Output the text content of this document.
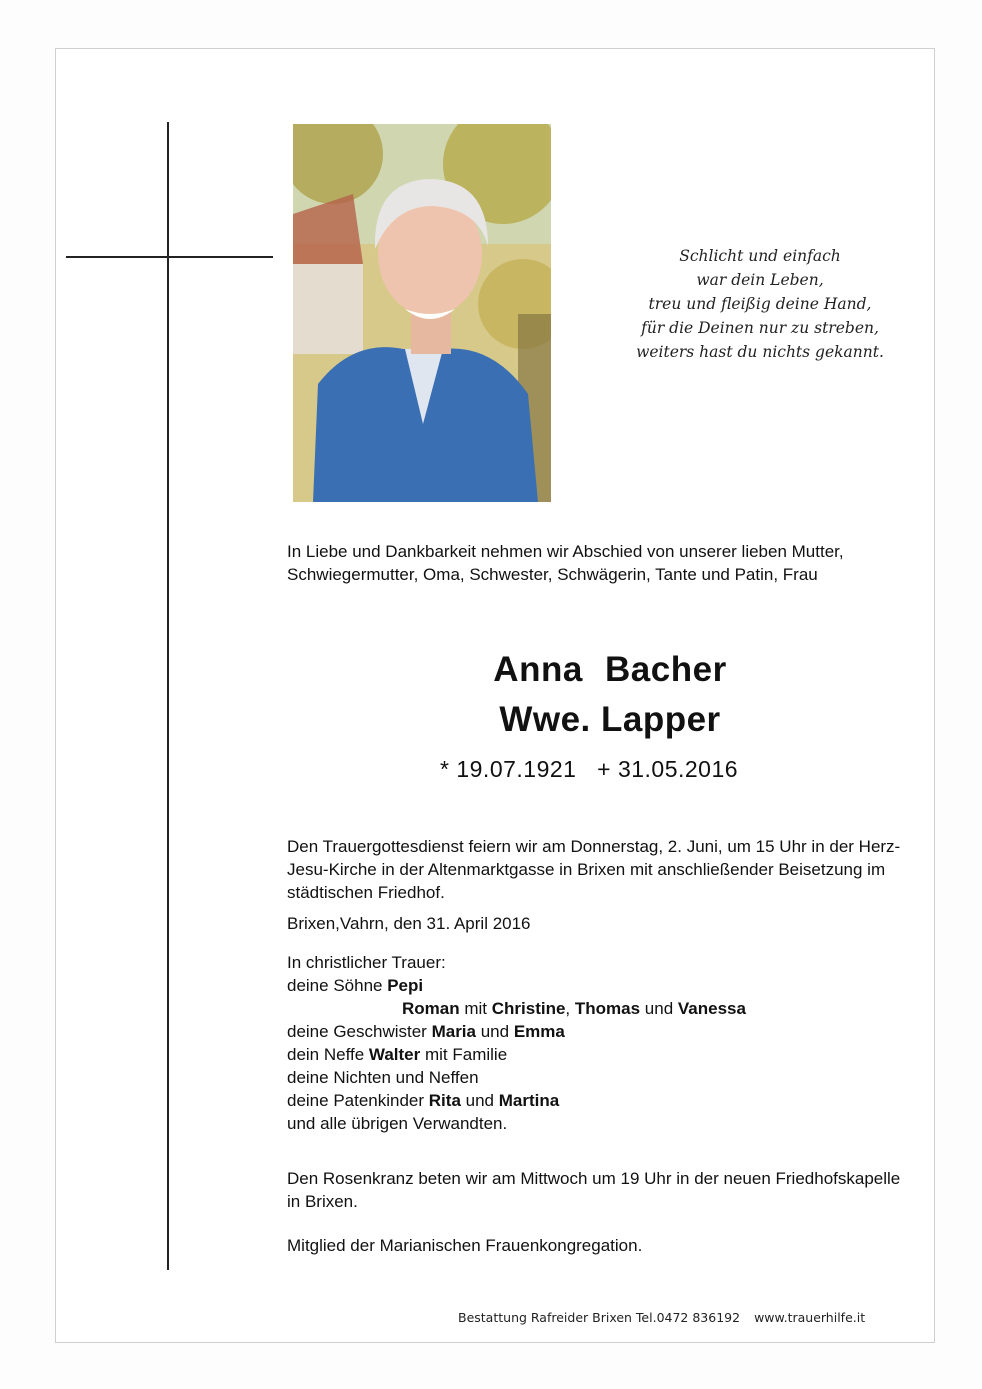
Schlicht und einfach
war dein Leben,
treu und fleißig deine Hand,
für die Deinen nur zu streben,
weiters hast du nichts gekannt.
In Liebe und Dankbarkeit nehmen wir Abschied von unserer lieben Mutter, Schwiegermutter, Oma, Schwester, Schwägerin, Tante und Patin, Frau
Anna Bacher
Wwe. Lapper
* 19.07.1921   + 31.05.2016
Den Trauergottesdienst feiern wir am Donnerstag, 2. Juni, um 15 Uhr in der Herz-Jesu-Kirche in der Altenmarktgasse in Brixen mit anschließender Beisetzung im städtischen Friedhof.
Brixen,Vahrn, den 31. April 2016
In christlicher Trauer:
deine Söhne Pepi
Roman mit Christine, Thomas und Vanessa
deine Geschwister Maria und Emma
dein Neffe Walter mit Familie
deine Nichten und Neffen
deine Patenkinder Rita und Martina
und alle übrigen Verwandten.
Den Rosenkranz beten wir am Mittwoch um 19 Uhr in der neuen Friedhofskapelle in Brixen.
Mitglied der Marianischen Frauenkongregation.
Bestattung Rafreider Brixen Tel.0472 836192 www.trauerhilfe.it
